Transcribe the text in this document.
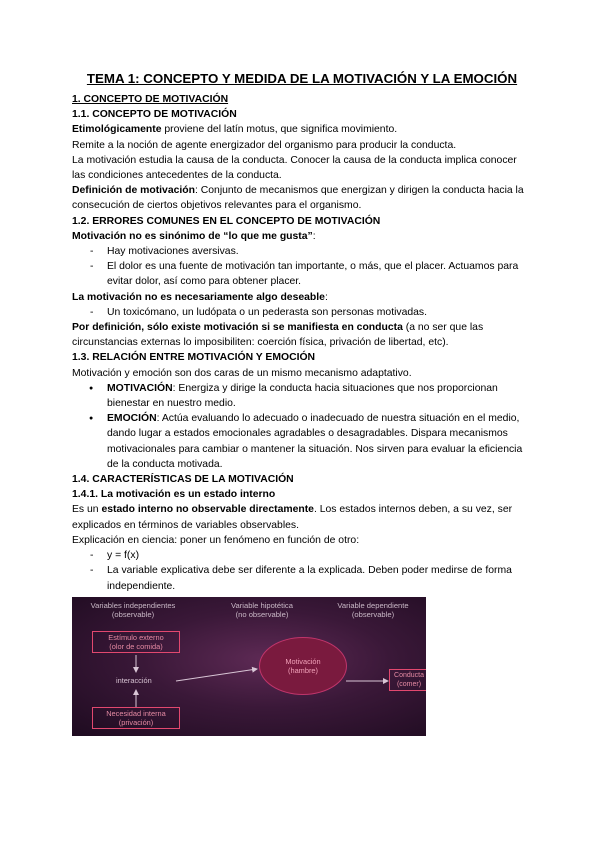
TEMA 1: CONCEPTO Y MEDIDA DE LA MOTIVACIÓN Y LA EMOCIÓN
1. CONCEPTO DE MOTIVACIÓN
1.1. CONCEPTO DE MOTIVACIÓN

Etimológicamente proviene del latín motus, que significa movimiento.

Remite a la noción de agente energizador del organismo para producir la conducta.

La motivación estudia la causa de la conducta. Conocer la causa de la conducta implica conocer las condiciones antecedentes de la conducta.

Definición de motivación: Conjunto de mecanismos que energizan y dirigen la conducta hacia la consecución de ciertos objetivos relevantes para el organismo.

1.2. ERRORES COMUNES EN EL CONCEPTO DE MOTIVACIÓN

Motivación no es sinónimo de “lo que me gusta”:

- Hay motivaciones aversivas.
- El dolor es una fuente de motivación tan importante, o más, que el placer. Actuamos para evitar dolor, así como para obtener placer.

La motivación no es necesariamente algo deseable:

- Un toxicómano, un ludópata o un pederasta son personas motivadas.

Por definición, sólo existe motivación si se manifiesta en conducta (a no ser que las circunstancias externas lo imposibiliten: coerción física, privación de libertad, etc).

1.3. RELACIÓN ENTRE MOTIVACIÓN Y EMOCIÓN

Motivación y emoción son dos caras de un mismo mecanismo adaptativo.

● MOTIVACIÓN: Energiza y dirige la conducta hacia situaciones que nos proporcionan bienestar en nuestro medio.
● EMOCIÓN: Actúa evaluando lo adecuado o inadecuado de nuestra situación en el medio, dando lugar a estados emocionales agradables o desagradables. Dispara mecanismos motivacionales para cambiar o mantener la situación. Nos sirven para evaluar la eficiencia de la conducta motivada.
1.4. CARACTERÍSTICAS DE LA MOTIVACIÓN
1.4.1. La motivación es un estado interno

Es un estado interno no observable directamente. Los estados internos deben, a su vez, ser explicados en términos de variables observables.

Explicación en ciencia: poner un fenómeno en función de otro:

- y = f(x)
- La variable explicativa debe ser diferente a la explicada. Deben poder medirse de forma independiente.
Variables independientes
(observable)
Variable hipotética
(no observable)
Variable dependiente
(observable)
Estímulo externo
(olor de comida)
interacción
Necesidad interna
(privación)
Motivación
(hambre)
Conducta
(comer)
